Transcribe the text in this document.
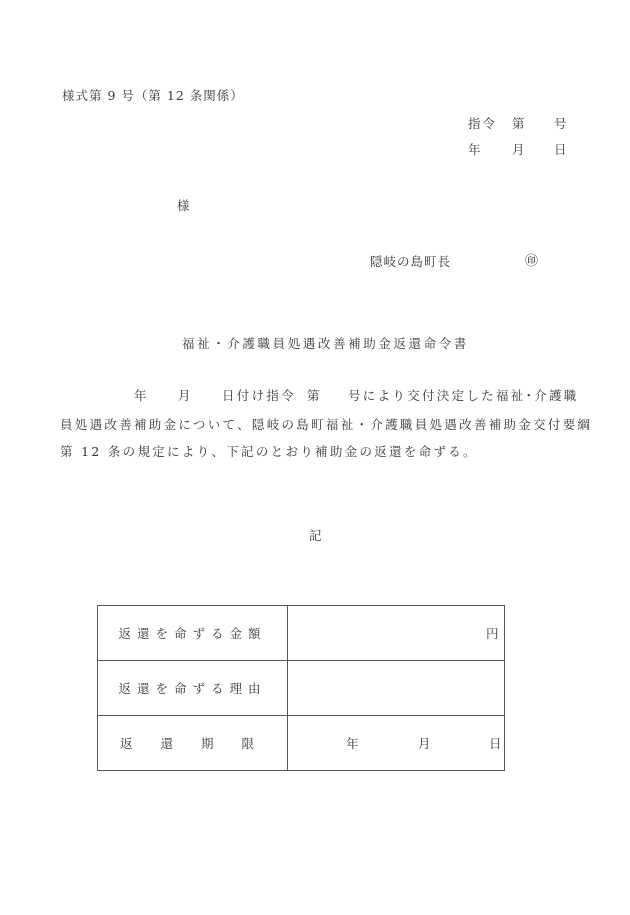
様式第 9 号（第 12 条関係）
指令 第 号
年	月 日
様
隠岐の島町長	㊞
福祉・介護職員処遇改善補助金返還命令書
年 月 日付け指令 第 号により交付決定した福祉･介護職
員処遇改善補助金について、隠岐の島町福祉・介護職員処遇改善補助金交付要綱
第 12 条の規定により、下記のとおり補助金の返還を命ずる。
記
返還を命ずる金額	円

返還を命ずる理由	
返還期限	年 月 日
